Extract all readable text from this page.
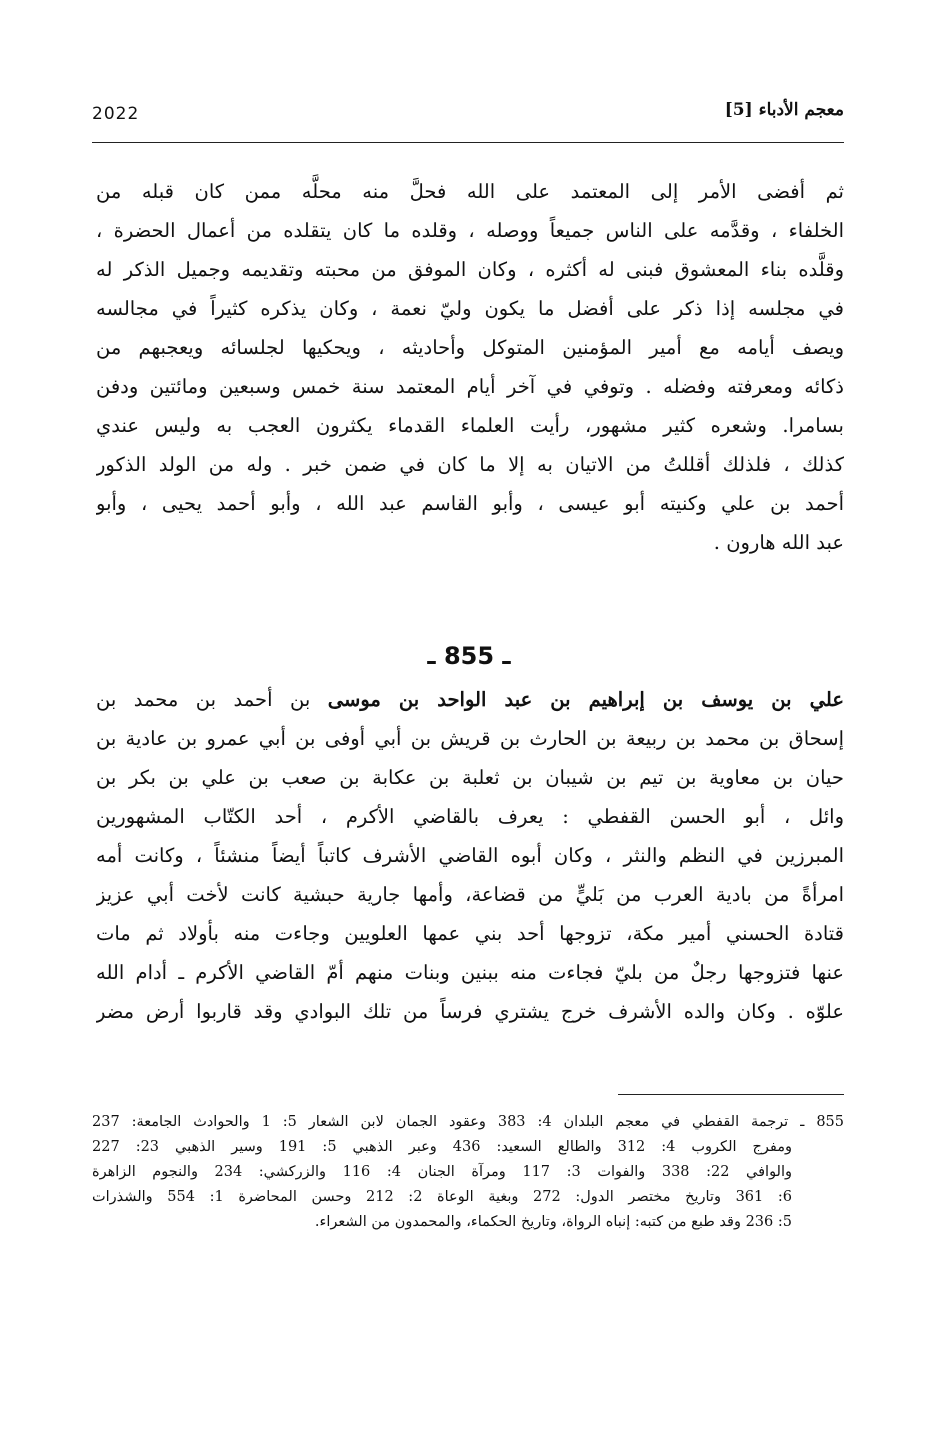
2022	معجم الأدباء [5]
ثم أفضى الأمر إلى المعتمد على الله فحلَّ منه محلَّه ممن كان قبله من
الخلفاء ، وقدَّمه على الناس جميعاً ووصله ، وقلده ما كان يتقلده من أعمال الحضرة ،
وقلَّده بناء المعشوق فبنى له أكثره ، وكان الموفق من محبته وتقديمه وجميل الذكر له
في مجلسه إذا ذكر على أفضل ما يكون وليّ نعمة ، وكان يذكره كثيراً في مجالسه
ويصف أيامه مع أمير المؤمنين المتوكل وأحاديثه ، ويحكيها لجلسائه ويعجبهم من
ذكائه ومعرفته وفضله . وتوفي في آخر أيام المعتمد سنة خمس وسبعين ومائتين ودفن
بسامرا. وشعره كثير مشهور، رأيت العلماء القدماء يكثرون العجب به وليس عندي
كذلك ، فلذلك أقللتُ من الاتيان به إلا ما كان في ضمن خبر . وله من الولد الذكور
أحمد بن علي وكنيته أبو عيسى ، وأبو القاسم عبد الله ، وأبو أحمد يحيى ، وأبو
عبد الله هارون .
ـ 855 ـ
علي بن يوسف بن إبراهيم بن عبد الواحد بن موسى بن أحمد بن محمد بن
إسحاق بن محمد بن ربيعة بن الحارث بن قريش بن أبي أوفى بن أبي عمرو بن عادية بن
حيان بن معاوية بن تيم بن شيبان بن ثعلبة بن عكابة بن صعب بن علي بن بكر بن
وائل ، أبو الحسن القفطي : يعرف بالقاضي الأكرم ، أحد الكتّاب المشهورين
المبرزين في النظم والنثر ، وكان أبوه القاضي الأشرف كاتباً أيضاً منشئاً ، وكانت أمه
امرأةً من بادية العرب من بَليٍّ من قضاعة، وأمها جارية حبشية كانت لأخت أبي عزيز
قتادة الحسني أمير مكة، تزوجها أحد بني عمها العلويين وجاءت منه بأولاد ثم مات
عنها فتزوجها رجلٌ من بليّ فجاءت منه ببنين وبنات منهم أمّ القاضي الأكرم ـ أدام الله
علوّه . وكان والده الأشرف خرج يشتري فرساً من تلك البوادي وقد قاربوا أرض مضر
855 ـ ترجمة القفطي في معجم البلدان 4: 383 وعقود الجمان لابن الشعار 5: 1 والحوادث الجامعة: 237
ومفرج الكروب 4: 312 والطالع السعيد: 436 وعبر الذهبي 5: 191 وسير الذهبي 23: 227
والوافي 22: 338 والفوات 3: 117 ومرآة الجنان 4: 116 والزركشي: 234 والنجوم الزاهرة
6: 361 وتاريخ مختصر الدول: 272 وبغية الوعاة 2: 212 وحسن المحاضرة 1: 554 والشذرات
5: 236 وقد طبع من كتبه: إنباه الرواة، وتاريخ الحكماء، والمحمدون من الشعراء.
